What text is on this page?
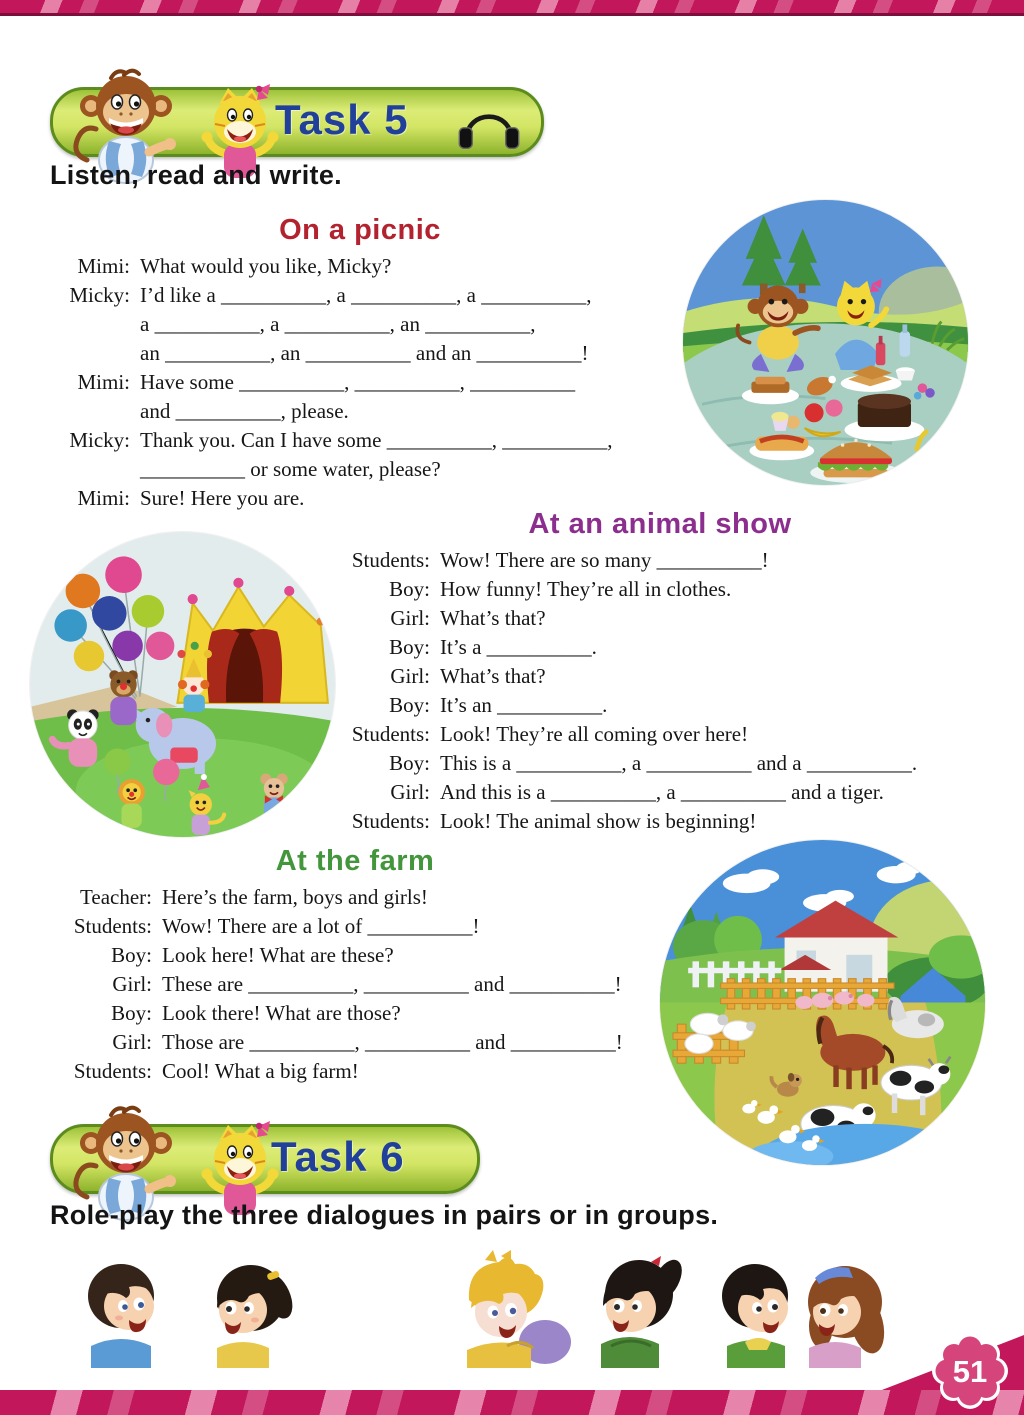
Task 5
Listen, read and write.
On a picnic
Mimi: What would you like, Micky?
Micky: I’d like a __________, a __________, a __________,
a __________, a __________, an __________,
an __________, an __________ and an __________!
Mimi: Have some __________, __________, __________
and __________, please.
Micky: Thank you. Can I have some __________, __________,
__________ or some water, please?
Mimi: Sure! Here you are.
At an animal show
Students: Wow! There are so many __________!
Boy: How funny! They’re all in clothes.
Girl: What’s that?
Boy: It’s a __________.
Girl: What’s that?
Boy: It’s an __________.
Students: Look! They’re all coming over here!
Boy: This is a __________, a __________ and a __________.
Girl: And this is a __________, a __________ and a tiger.
Students: Look! The animal show is beginning!
At the farm
Teacher: Here’s the farm, boys and girls!
Students: Wow! There are a lot of __________!
Boy: Look here! What are these?
Girl: These are __________, __________ and __________!
Boy: Look there! What are those?
Girl: Those are __________, __________ and __________!
Students: Cool! What a big farm!
Task 6
Role-play the three dialogues in pairs or in groups.
51
